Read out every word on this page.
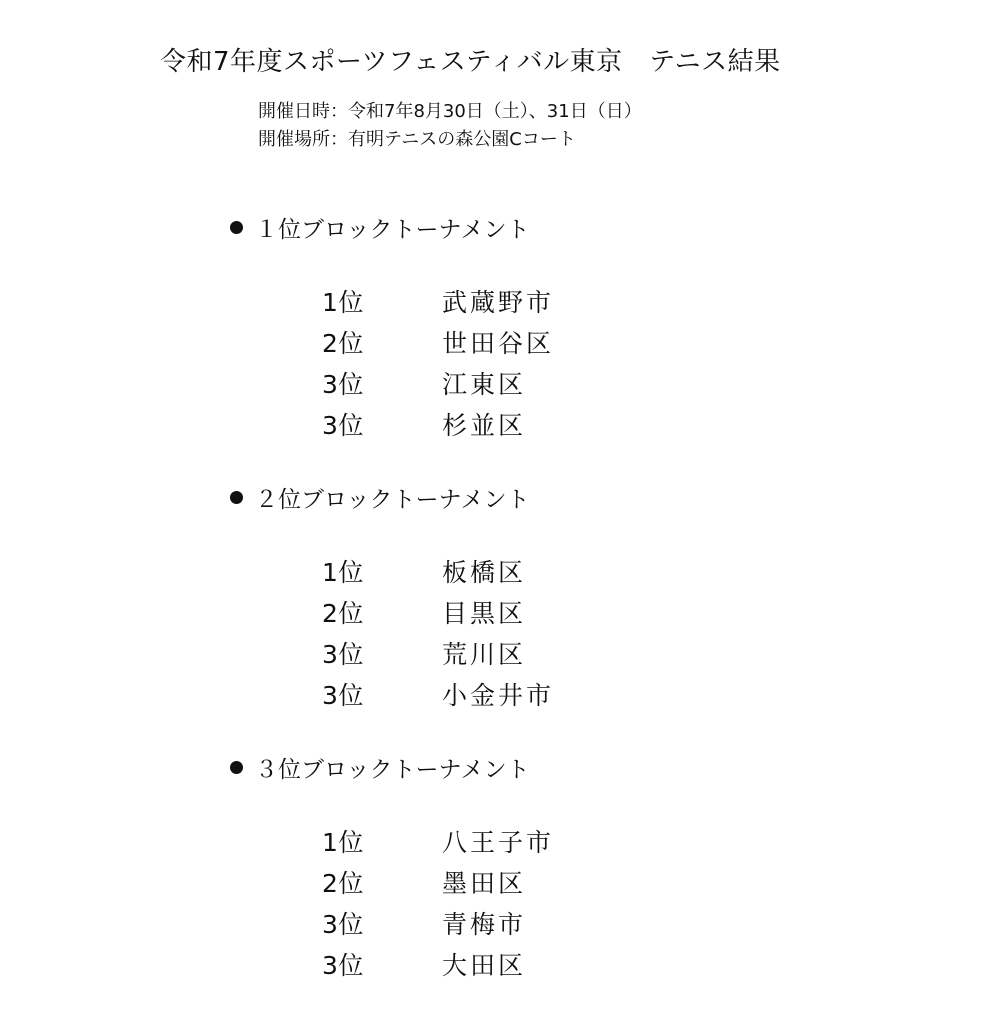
令和7年度スポーツフェスティバル東京　テニス結果
開催日時：令和7年8月30日（土）、31日（日）
開催場所：有明テニスの森公園Cコート
１位ブロックトーナメント
1位	武蔵野市
2位	世田谷区
3位	江東区
3位	杉並区
２位ブロックトーナメント
1位	板橋区
2位	目黒区
3位	荒川区
3位	小金井市
３位ブロックトーナメント
1位	八王子市
2位	墨田区
3位	青梅市
3位	大田区
